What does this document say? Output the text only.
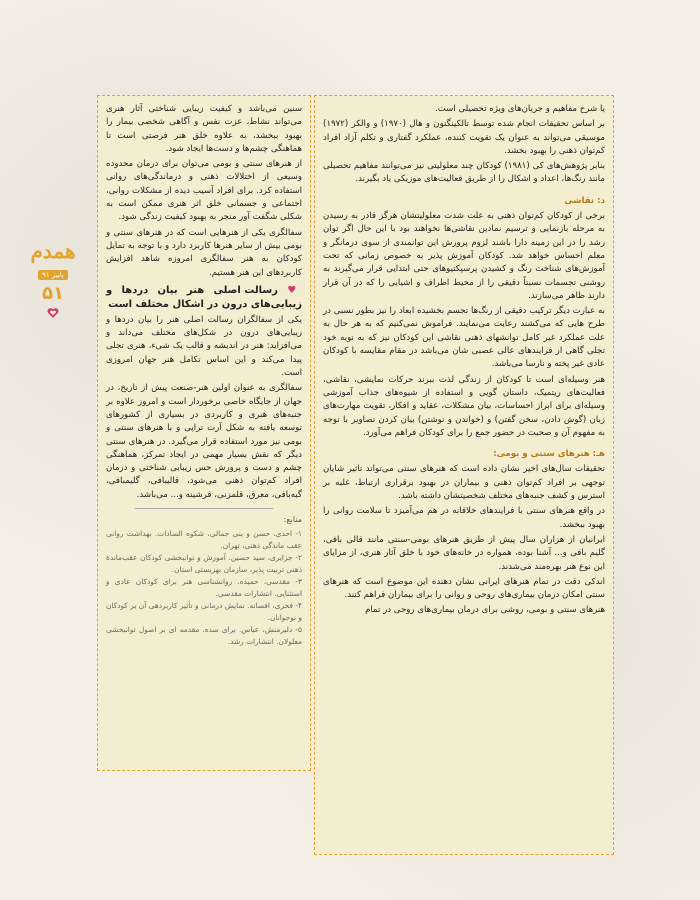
یا شرح مفاهیم و جریان‌های ویژه تحصیلی است.

بر اساس تحقیقات انجام شده توسط تالکینگتون و هال (۱۹۷۰) و والکر (۱۹۷۲) موسیقی می‌تواند به عنوان یک تقویت کننده، عملکرد گفتاری و تکلم آزاد افراد کم‌توان ذهنی را بهبود بخشد.

بنابر پژوهش‌های کی (۱۹۸۱) کودکان چند معلولیتی نیز می‌توانند مفاهیم تحصیلی مانند رنگ‌ها، اعداد و اشکال را از طریق فعالیت‌های موزیکی یاد بگیرند.

د: نقاشی

برخی از کودکان کم‌توان ذهنی به علت شدت معلولیتشان هرگز قادر به رسیدن به مرحله بازنمایی و ترسیم نمادین نقاشی‌ها نخواهند بود با این حال اگر توان رشد را در این زمینه دارا باشند لزوم پرورش این توانمندی از سوی درمانگر و معلم احساس خواهد شد. کودکان آموزش پذیر به خصوص زمانی که تحت آموزش‌های شناخت رنگ و کشیدن پرسپکتیوهای حتی ابتدایی قرار می‌گیرند به روشنی تجسمات نسبتاً دقیقی را از محیط اطراف و اشیایی را که در آن قرار دارند ظاهر می‌سازند.

به عبارت دیگر ترکیب دقیقی از رنگ‌ها تجسم بخشیده ابعاد را نیز بطور نسبی در طرح هایی که می‌کشند رعایت می‌نمایند. فراموش نمی‌کنیم که به هر حال به علت عملکرد غیر کامل توانشهای ذهنی نقاشی این کودکان نیز که به نوبه خود تجلی گاهی از فرایندهای عالی عصبی شان می‌باشد در مقام مقایسه با کودکان عادی غیر پخته و نارسا می‌باشد.

هنر وسیله‌ای است تا کودکان از زندگی لذت ببرند حرکات نمایشی، نقاشی، فعالیت‌های ریتمیک، داستان گویی و استفاده از شیوه‌های جذاب آموزشی وسیله‌ای برای ابراز احساسات، بیان مشکلات، عقاید و افکار، تقویت مهارت‌های زبان (گوش دادن، سخن گفتن) و (خواندن و نوشتن) بیان کردن تصاویر با توجه به مفهوم آن و صحبت در حضور جمع را برای کودکان فراهم می‌آورد.

هـ: هنرهای سنتی و بومی:

تحقیقات سال‌های اخیر نشان داده است که هنرهای سنتی می‌تواند تاثیر شایان توجهی بر افراد کم‌توان ذهنی و بیماران در بهبود برقراری ارتباط، غلبه بر استرس و کشف جنبه‌های مختلف شخصیتشان داشته باشد.

در واقع هنرهای سنتی با فرایندهای خلاقانه در هم می‌آمیزد تا سلامت روانی را بهبود ببخشد.

ایرانیان از هزاران سال پیش از طریق هنرهای بومی-سنتی مانند قالی بافی، گلیم بافی و... آشنا بوده، همواره در خانه‌های خود با خلق آثار هنری، از مزایای این نوع هنر بهره‌مند می‌شدند.

اندکی دقت در تمام هنرهای ایرانی نشان دهنده این موضوع است که هنرهای سنتی امکان درمان بیماری‌های روحی و روانی را برای بیماران فراهم کنند.

هنرهای سنتی و بومی، روشی برای درمان بیماری‌های روحی در تمام

سنین می‌باشد و کیفیت زیبایی شناختی آثار هنری می‌تواند نشاط، عزت نفس و آگاهی شخصی بیمار را بهبود ببخشد، به علاوه خلق هنر فرصتی است تا هماهنگی چشم‌ها و دست‌ها ایجاد شود.

از هنرهای سنتی و بومی می‌توان برای درمان محدوده وسیعی از اختلالات ذهنی و درماندگی‌های روانی استفاده کرد. برای افراد آسیب دیده از مشکلات روانی، اجتماعی و جسمانی خلق اثر هنری ممکن است به شکلی شگفت آور منجر به بهبود کیفیت زندگی شود.

سفالگری یکی از هنرهایی است که در هنرهای سنتی و بومی بیش از سایر هنرها کاربرد دارد و با توجه به تمایل کودکان به هنر سفالگری امروزه شاهد افزایش کاربردهای این هنر هستیم.

♥ رسالت اصلی هنر بیان دردها و زیبایی‌های درون در اشکال مختلف است

یکی از سفالگران رسالت اصلی هنر را بیان دردها و زیبایی‌های درون در شکل‌های مختلف می‌داند و می‌افزاید: هنر در اندیشه و قالب یک شیء، هنری تجلی پیدا می‌کند و این اساس تکامل هنر جهان امروزی است.

سفالگری به عنوان اولین هنر-صنعت پیش از تاریخ، در جهان از جایگاه خاصی برخوردار است و امروز علاوه بر جنبه‌های هنری و کاربردی در بسیاری از کشورهای توسعه یافته به شکل آرت تراپی و با هنرهای سنتی و بومی نیز مورد استفاده قرار می‌گیرد. در هنرهای سنتی دیگر که نقش بسیار مهمی در ایجاد تمرکز، هماهنگی چشم و دست و پرورش حس زیبایی شناختی و درمان افراد کم‌توان ذهنی می‌شود، قالیبافی، گلیمبافی، گبه‌بافی، معرق، قلمزنی، فرشینه و... می‌باشد.

منابع:

۱- احدی، حسن و بنی جمالی، شکوه السادات. بهداشت روانی عقب ماندگی ذهنی، تهران.

۲- جزایری، سید حسین. آموزش و توانبخشی کودکان عقب‌ماندهٔ ذهنی تربیت پذیر، سازمان بهزیستی استان.

۳- مقدسی، حمیده. روانشناسی هنر برای کودکان عادی و استثنایی. انتشارات مقدسی.

۴- فخری، افسانه. نمایش درمانی و تأثیر کاربردهی آن بر کودکان و نوجوانان.

۵- دلبرمنش، عباس. برای سده. مقدمه ای بر اصول توانبخشی معلولان. انتشارات رشد.

همدم
پاییز ۹۱
۵۱
